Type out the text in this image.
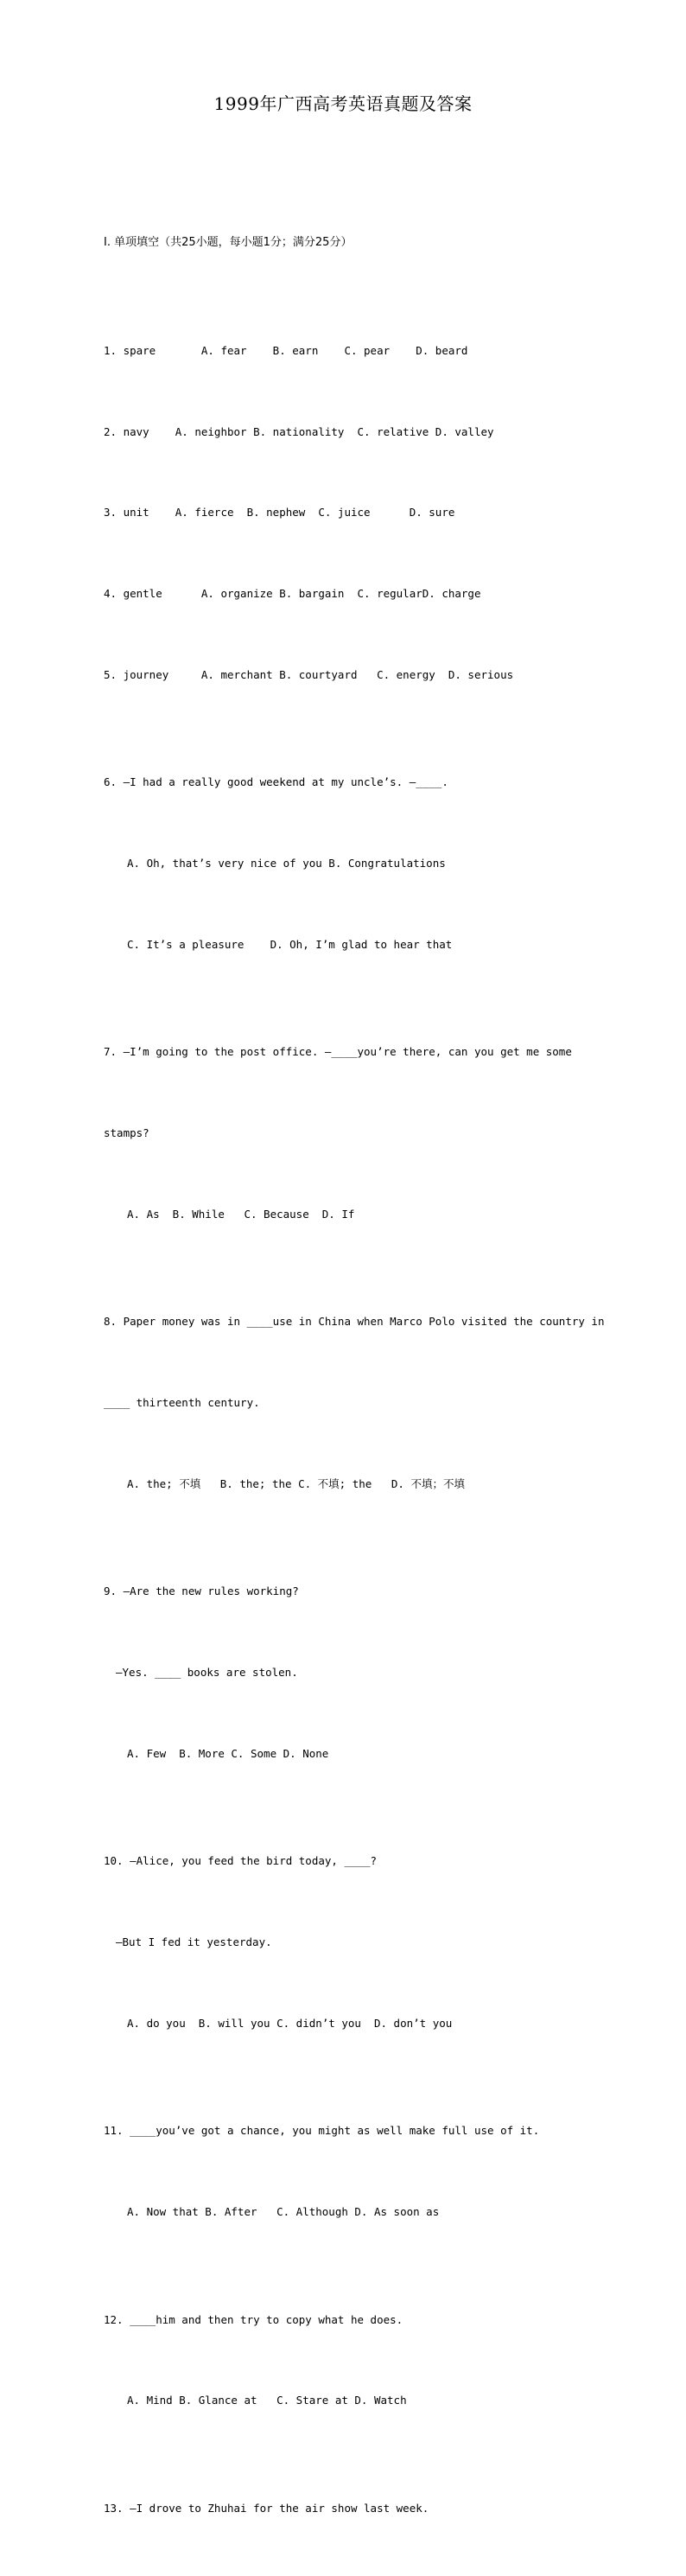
1999年广西高考英语真题及答案

I. 单项填空（共25小题，每小题1分；满分25分）

1. spare       A. fear    B. earn    C. pear    D. beard

2. navy    A. neighbor B. nationality  C. relative D. valley

3. unit    A. fierce  B. nephew  C. juice      D. sure

4. gentle      A. organize B. bargain  C. regularD. charge

5. journey     A. merchant B. courtyard   C. energy  D. serious

6. —I had a really good weekend at my uncle’s. —____.

A. Oh, that’s very nice of you B. Congratulations

C. It’s a pleasure    D. Oh, I’m glad to hear that

7. —I’m going to the post office. —____you’re there, can you get me some

stamps?

A. As  B. While   C. Because  D. If

8. Paper money was in ____use in China when Marco Polo visited the country in

____ thirteenth century.

A. the; 不填   B. the; the C. 不填; the   D. 不填；不填

9. —Are the new rules working?

—Yes. ____ books are stolen.

A. Few  B. More C. Some D. None

10. —Alice, you feed the bird today, ____?

—But I fed it yesterday.

A. do you  B. will you C. didn’t you  D. don’t you

11. ____you’ve got a chance, you might as well make full use of it.

A. Now that B. After   C. Although D. As soon as

12. ____him and then try to copy what he does.

A. Mind B. Glance at   C. Stare at D. Watch

13. —I drove to Zhuhai for the air show last week.
